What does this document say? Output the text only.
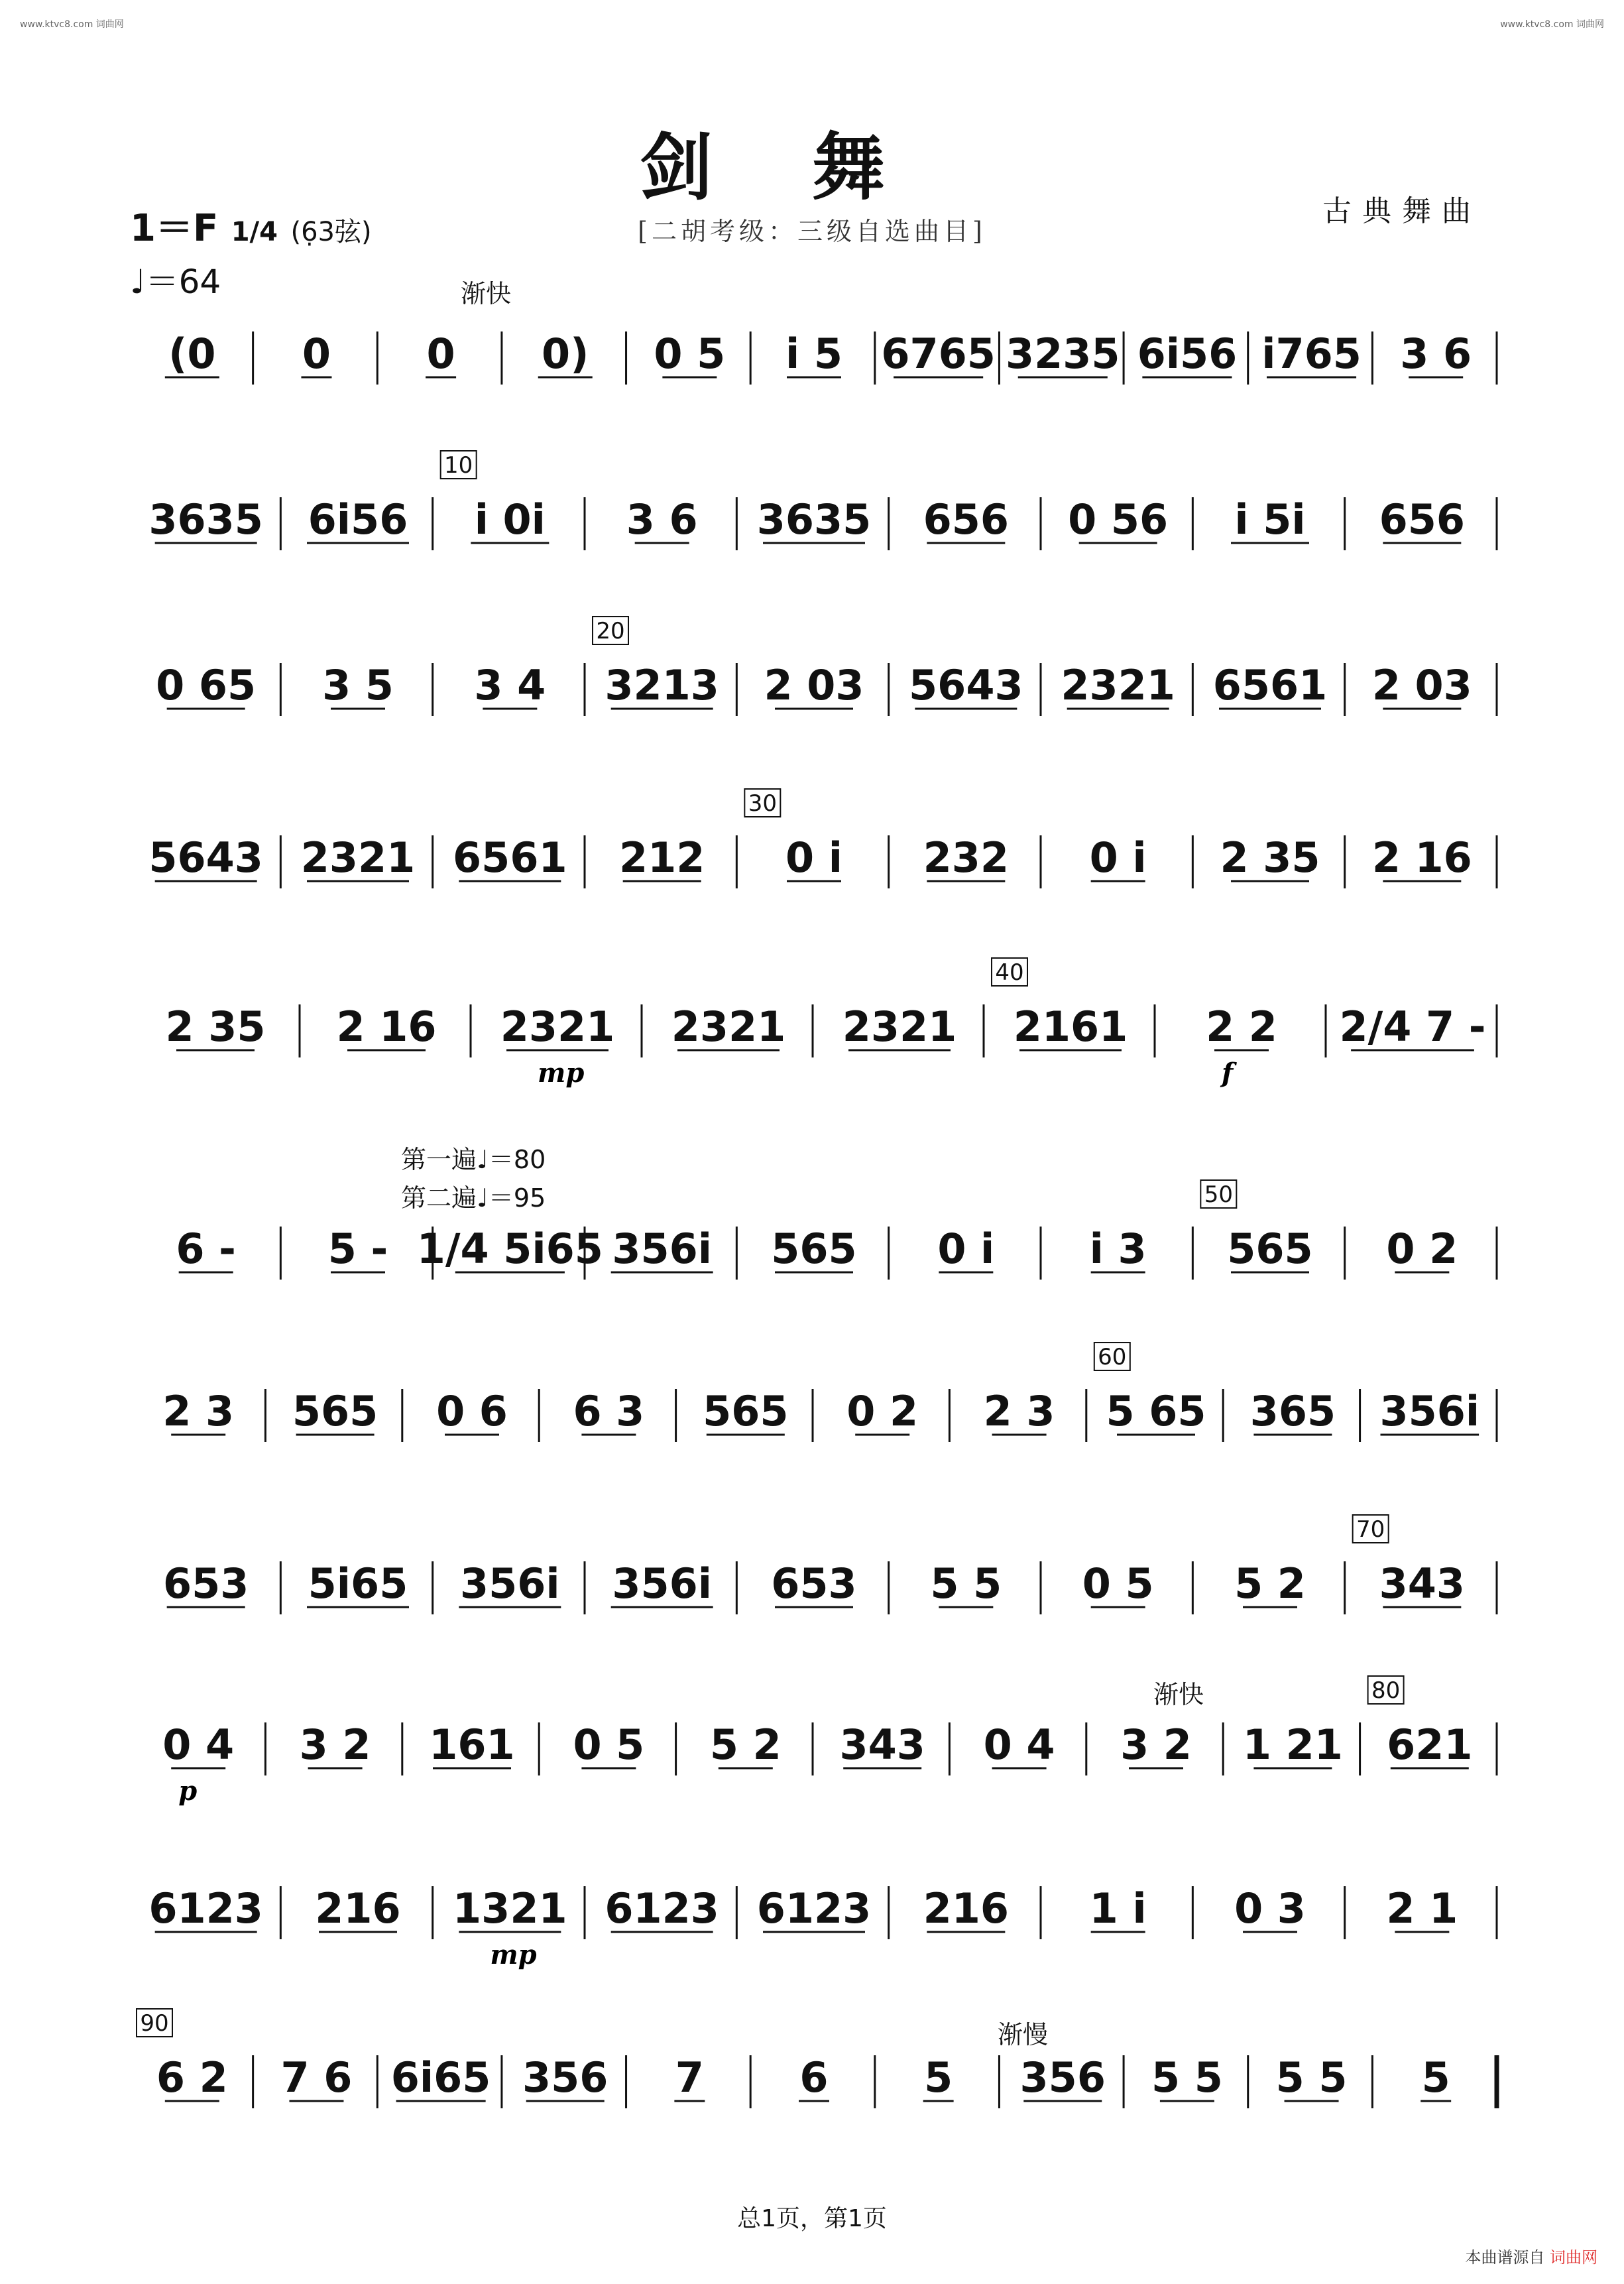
www.ktvc8.com 词曲网	www.ktvc8.com 词曲网
剑舞
[二胡考级：三级自选曲目]
古典舞曲
1＝F 1/4 (6̣3弦)
♩＝64	渐快
第一遍♩＝80
第二遍♩＝95
渐快
渐慢
(0 0 0 0) 0 5 i 5 6765 3235 6i56 i765 3 6
3635 6i56 i 0i 3 6 3635 656 0 56 i 5i 656
10
0 65 3 5 3 4 3213 2 03 5643 2321 6561 2 03
20
5643 2321 6561 212 0 i 232 0 i 2 35 2 16
30
2 35 2 16 2321 2321 2321 2161 2 2 2/4 7 -
40
mp	f
6 - 5 - 1/4 5i65 356i 565 0 i i 3 565 0 2
50
2 3 565 0 6 6 3 565 0 2 2 3 5 65 365 356i
60
653 5i65 356i 356i 653 5 5 0 5 5 2 343
70
0 4 3 2 161 0 5 5 2 343 0 4 3 2 1 21 621
80
p
6123 216 1321 6123 6123 216 1 i 0 3 2 1
mp
6 2 7 6 6i65 356 7 6 5 356 5 5 5 5 5
90
总1页，第1页
本曲谱源自 词曲网
